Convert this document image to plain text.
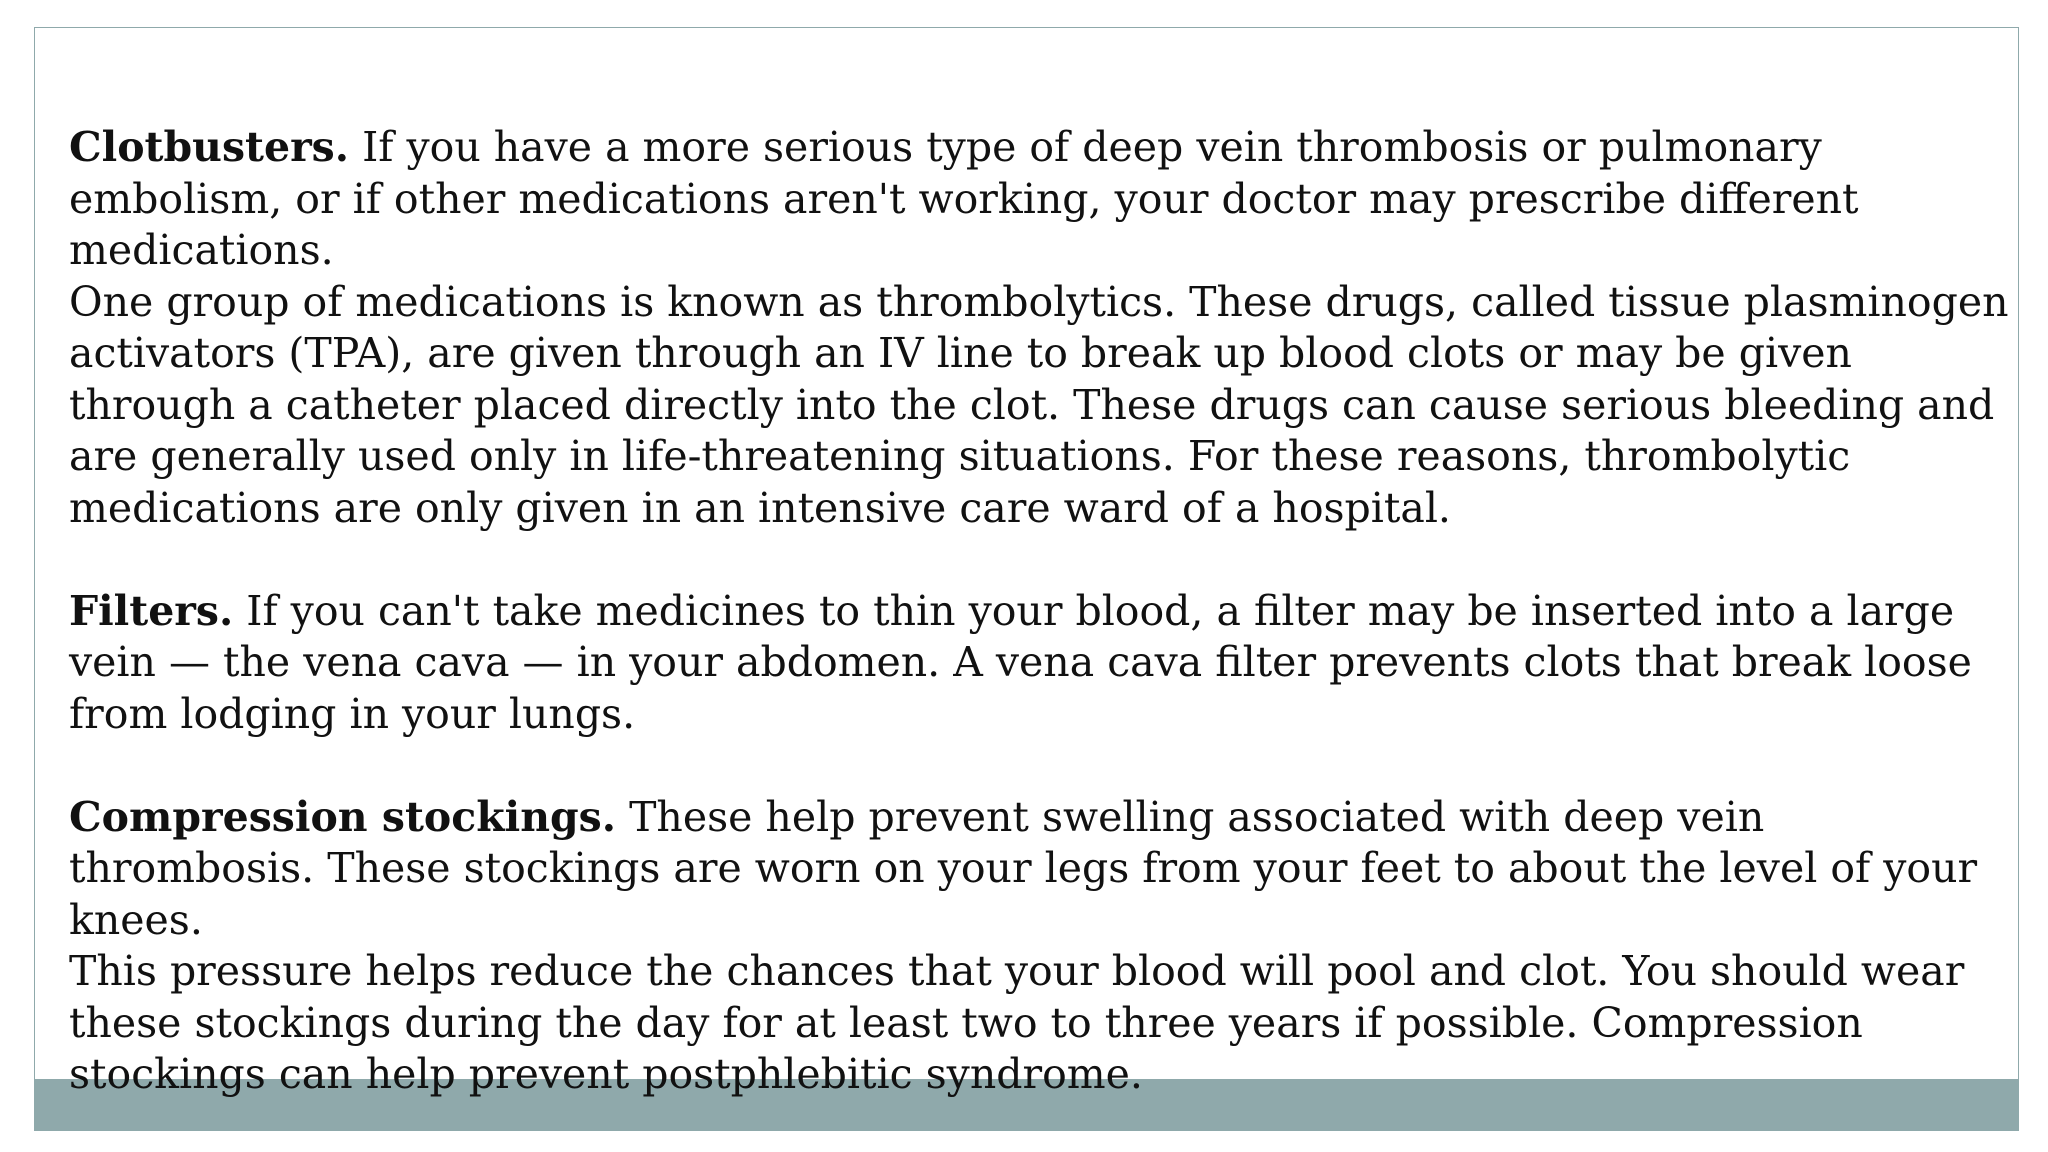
Clotbusters. If you have a more serious type of deep vein thrombosis or pulmonary
embolism, or if other medications aren't working, your doctor may prescribe different
medications.
One group of medications is known as thrombolytics. These drugs, called tissue plasminogen
activators (TPA), are given through an IV line to break up blood clots or may be given
through a catheter placed directly into the clot. These drugs can cause serious bleeding and
are generally used only in life-threatening situations. For these reasons, thrombolytic
medications are only given in an intensive care ward of a hospital.
Filters. If you can't take medicines to thin your blood, a filter may be inserted into a large
vein — the vena cava — in your abdomen. A vena cava filter prevents clots that break loose
from lodging in your lungs.
Compression stockings. These help prevent swelling associated with deep vein
thrombosis. These stockings are worn on your legs from your feet to about the level of your
knees.
This pressure helps reduce the chances that your blood will pool and clot. You should wear
these stockings during the day for at least two to three years if possible. Compression
stockings can help prevent postphlebitic syndrome.
